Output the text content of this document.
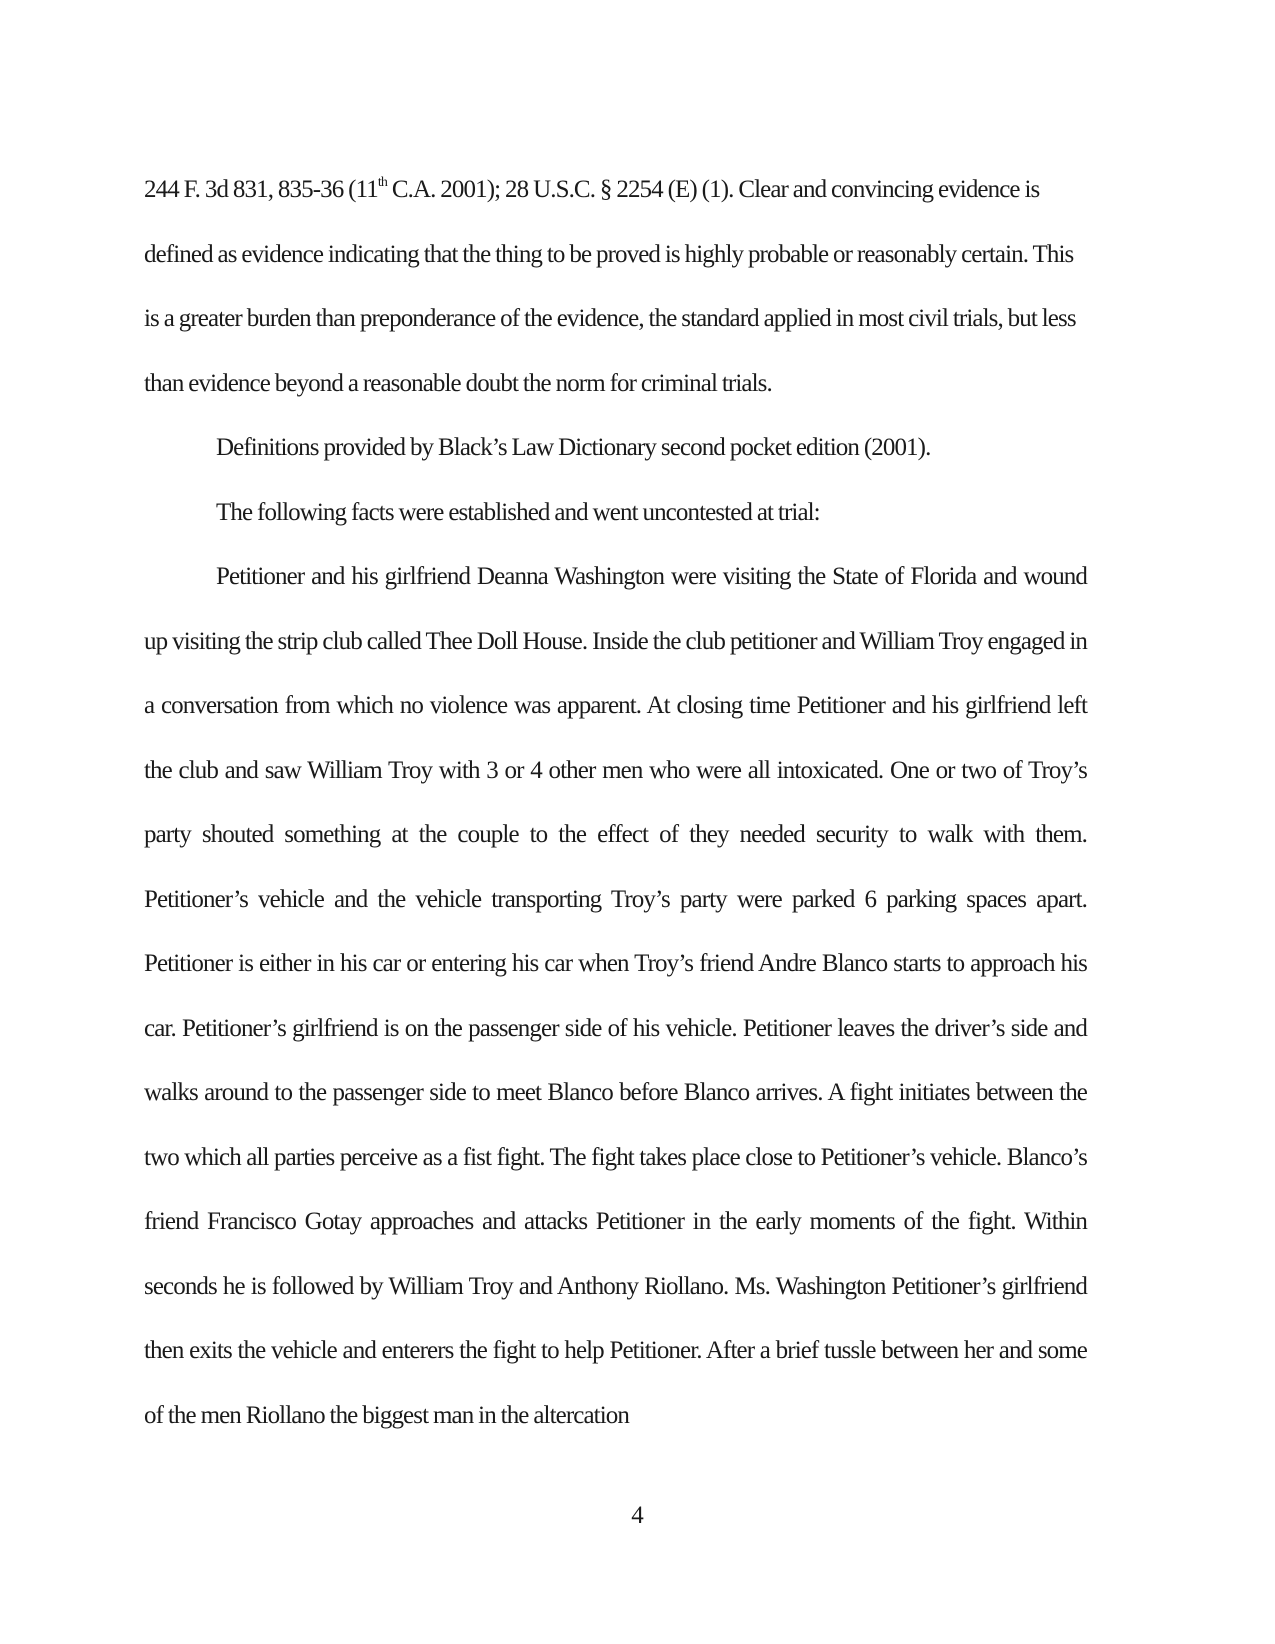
244 F. 3d 831, 835-36 (11th C.A. 2001); 28 U.S.C. § 2254 (E) (1). Clear and convincing evidence is defined as evidence indicating that the thing to be proved is highly probable or reasonably certain. This is a greater burden than preponderance of the evidence, the standard applied in most civil trials, but less than evidence beyond a reasonable doubt the norm for criminal trials.

Definitions provided by Black’s Law Dictionary second pocket edition (2001).

The following facts were established and went uncontested at trial:

Petitioner and his girlfriend Deanna Washington were visiting the State of Florida and wound up visiting the strip club called Thee Doll House. Inside the club petitioner and William Troy engaged in a conversation from which no violence was apparent. At closing time Petitioner and his girlfriend left the club and saw William Troy with 3 or 4 other men who were all intoxicated. One or two of Troy’s party shouted something at the couple to the effect of they needed security to walk with them. Petitioner’s vehicle and the vehicle transporting Troy’s party were parked 6 parking spaces apart. Petitioner is either in his car or entering his car when Troy’s friend Andre Blanco starts to approach his car. Petitioner’s girlfriend is on the passenger side of his vehicle. Petitioner leaves the driver’s side and walks around to the passenger side to meet Blanco before Blanco arrives. A fight initiates between the two which all parties perceive as a fist fight. The fight takes place close to Petitioner’s vehicle. Blanco’s friend Francisco Gotay approaches and attacks Petitioner in the early moments of the fight. Within seconds he is followed by William Troy and Anthony Riollano. Ms. Washington Petitioner’s girlfriend then exits the vehicle and enterers the fight to help Petitioner. After a brief tussle between her and some of the men Riollano the biggest man in the altercation

4
